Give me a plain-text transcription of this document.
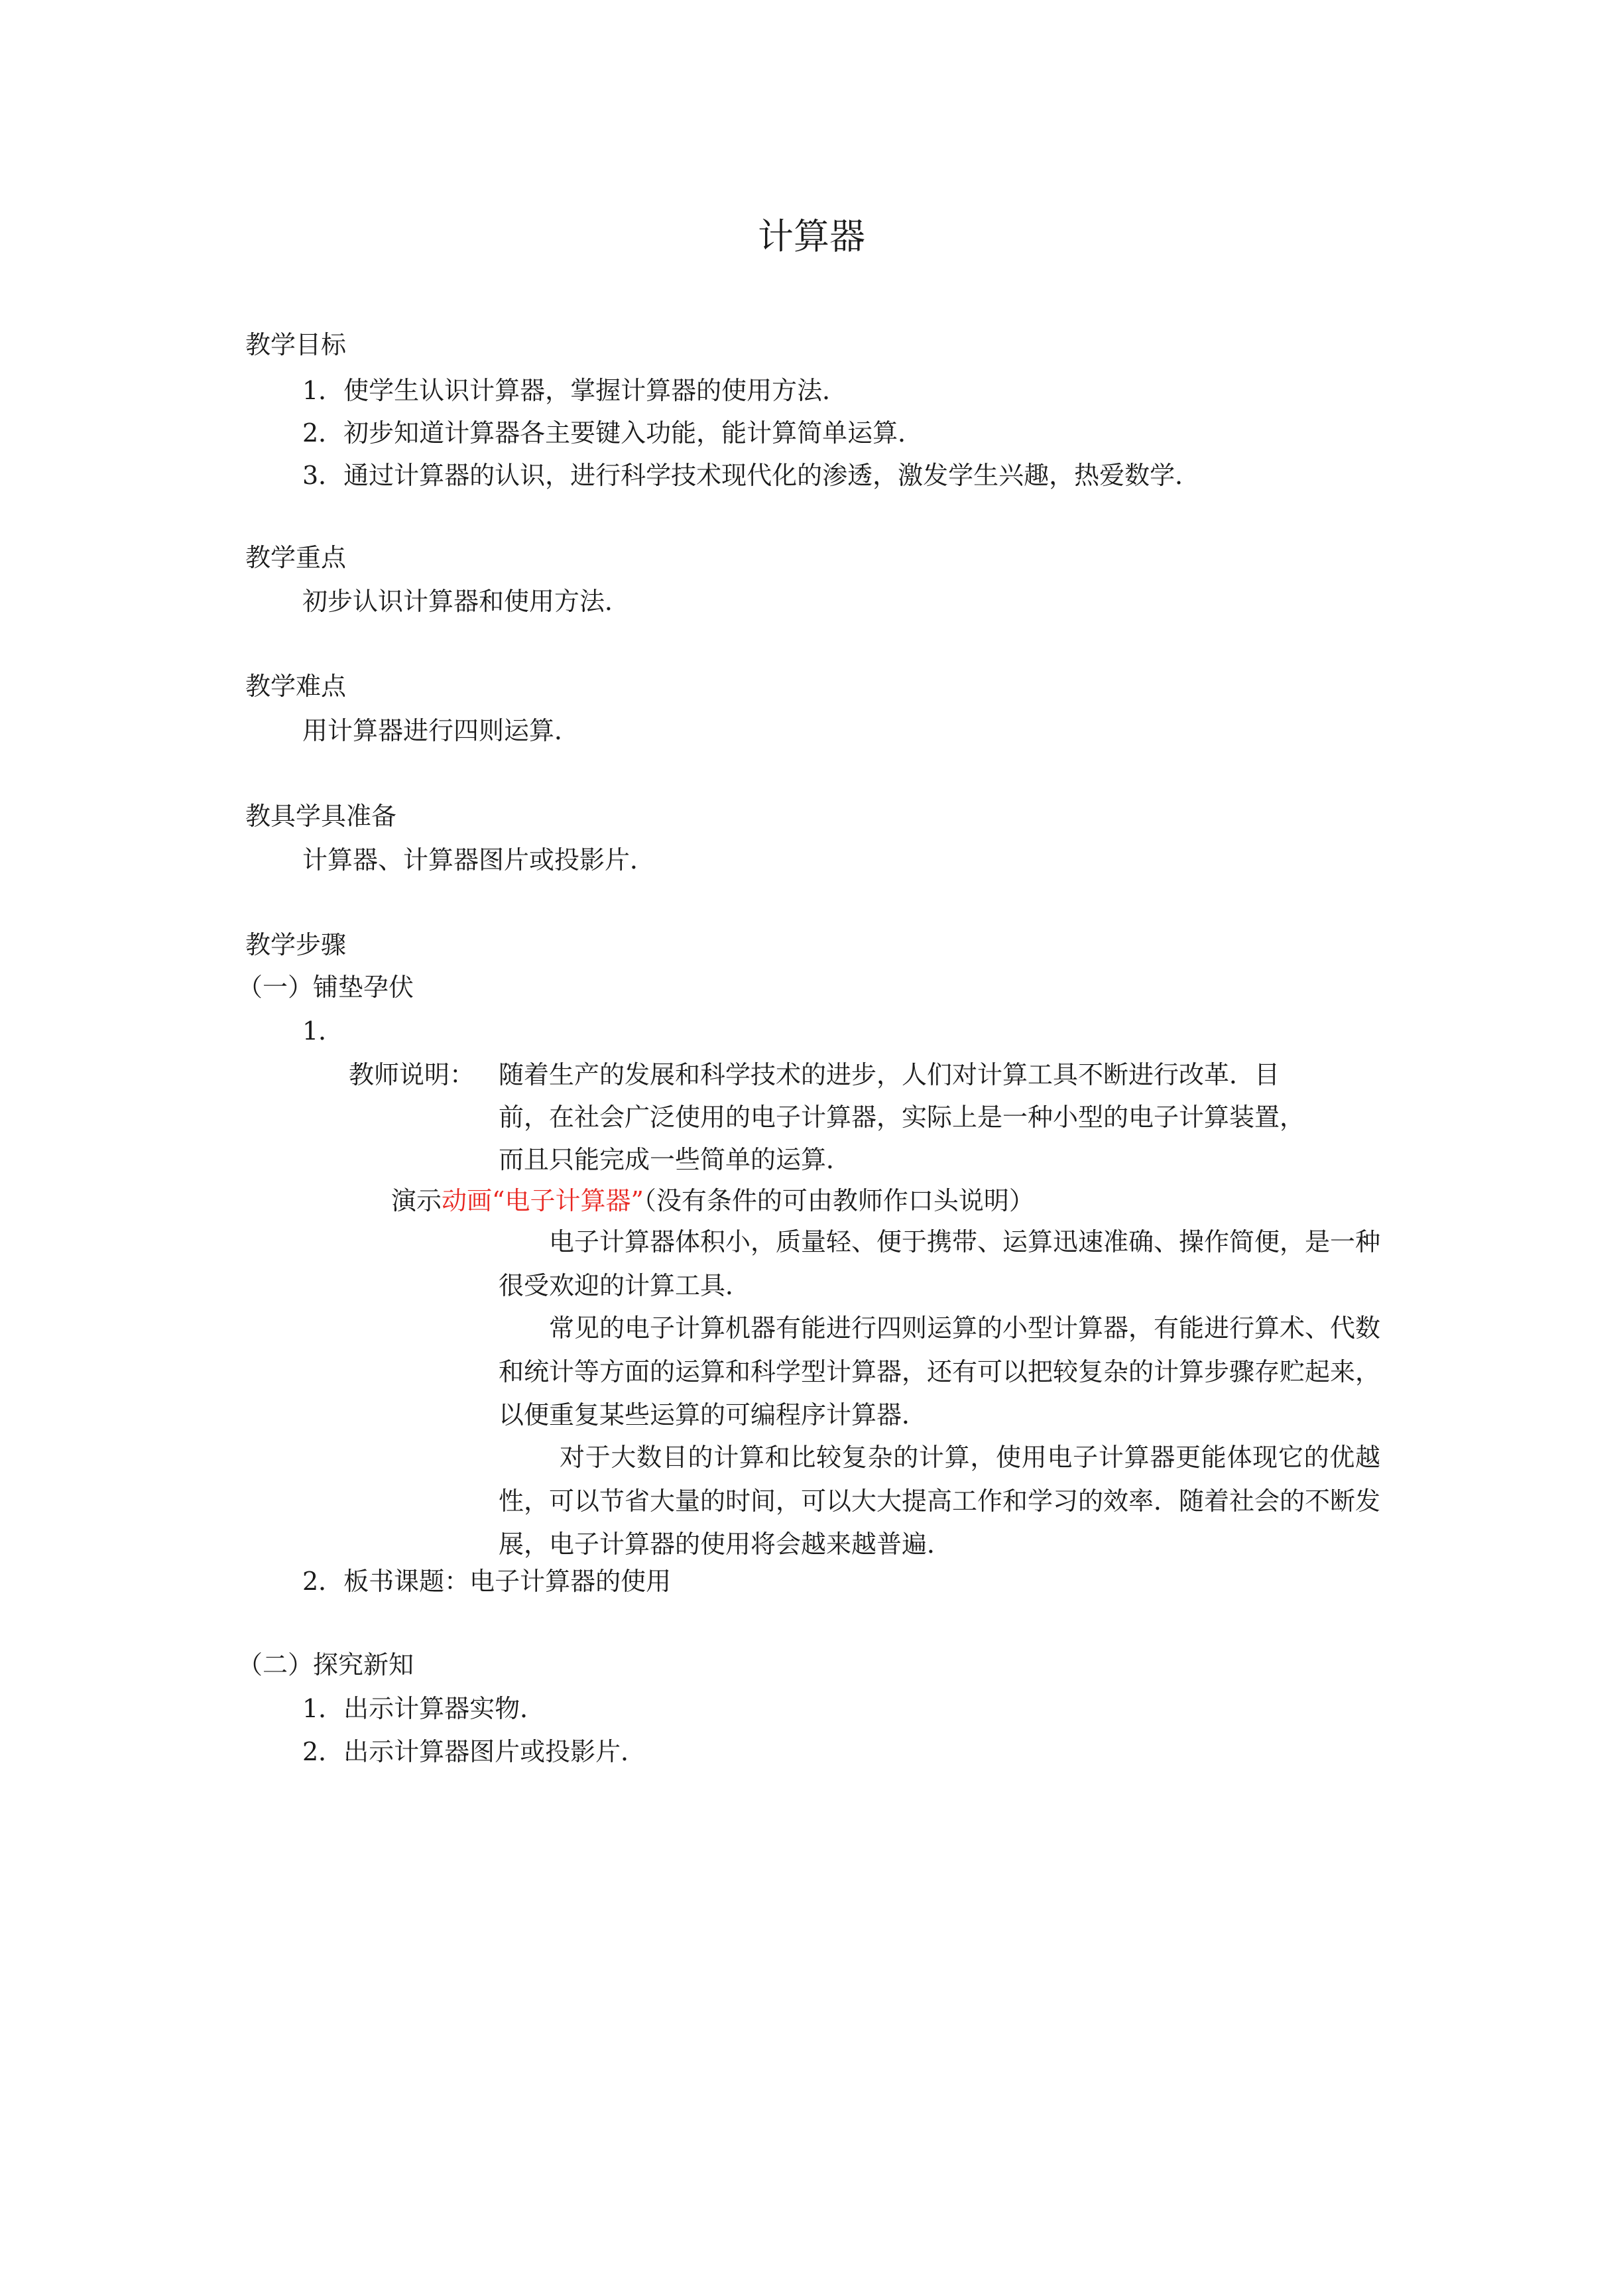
计算器
教学目标
1．使学生认识计算器，掌握计算器的使用方法．
2．初步知道计算器各主要键入功能，能计算简单运算．
3．通过计算器的认识，进行科学技术现代化的渗透，激发学生兴趣，热爱数学．
教学重点
初步认识计算器和使用方法．
教学难点
用计算器进行四则运算．
教具学具准备
计算器、计算器图片或投影片．
教学步骤
（一）铺垫孕伏
1．
教师说明： 随着生产的发展和科学技术的进步，人们对计算工具不断进行改革．目
前，在社会广泛使用的电子计算器，实际上是一种小型的电子计算装置，
而且只能完成一些简单的运算．
演示动画“电子计算器”（没有条件的可由教师作口头说明）
电子计算器体积小，质量轻、便于携带、运算迅速准确、操作简便，是一种很受欢迎的计算工具．
常见的电子计算机器有能进行四则运算的小型计算器，有能进行算术、代数和统计等方面的运算和科学型计算器，还有可以把较复杂的计算步骤存贮起来，以便重复某些运算的可编程序计算器．
对于大数目的计算和比较复杂的计算，使用电子计算器更能体现它的优越性，可以节省大量的时间，可以大大提高工作和学习的效率．随着社会的不断发展，电子计算器的使用将会越来越普遍．
2．板书课题：电子计算器的使用
（二）探究新知
1．出示计算器实物．
2．出示计算器图片或投影片．
